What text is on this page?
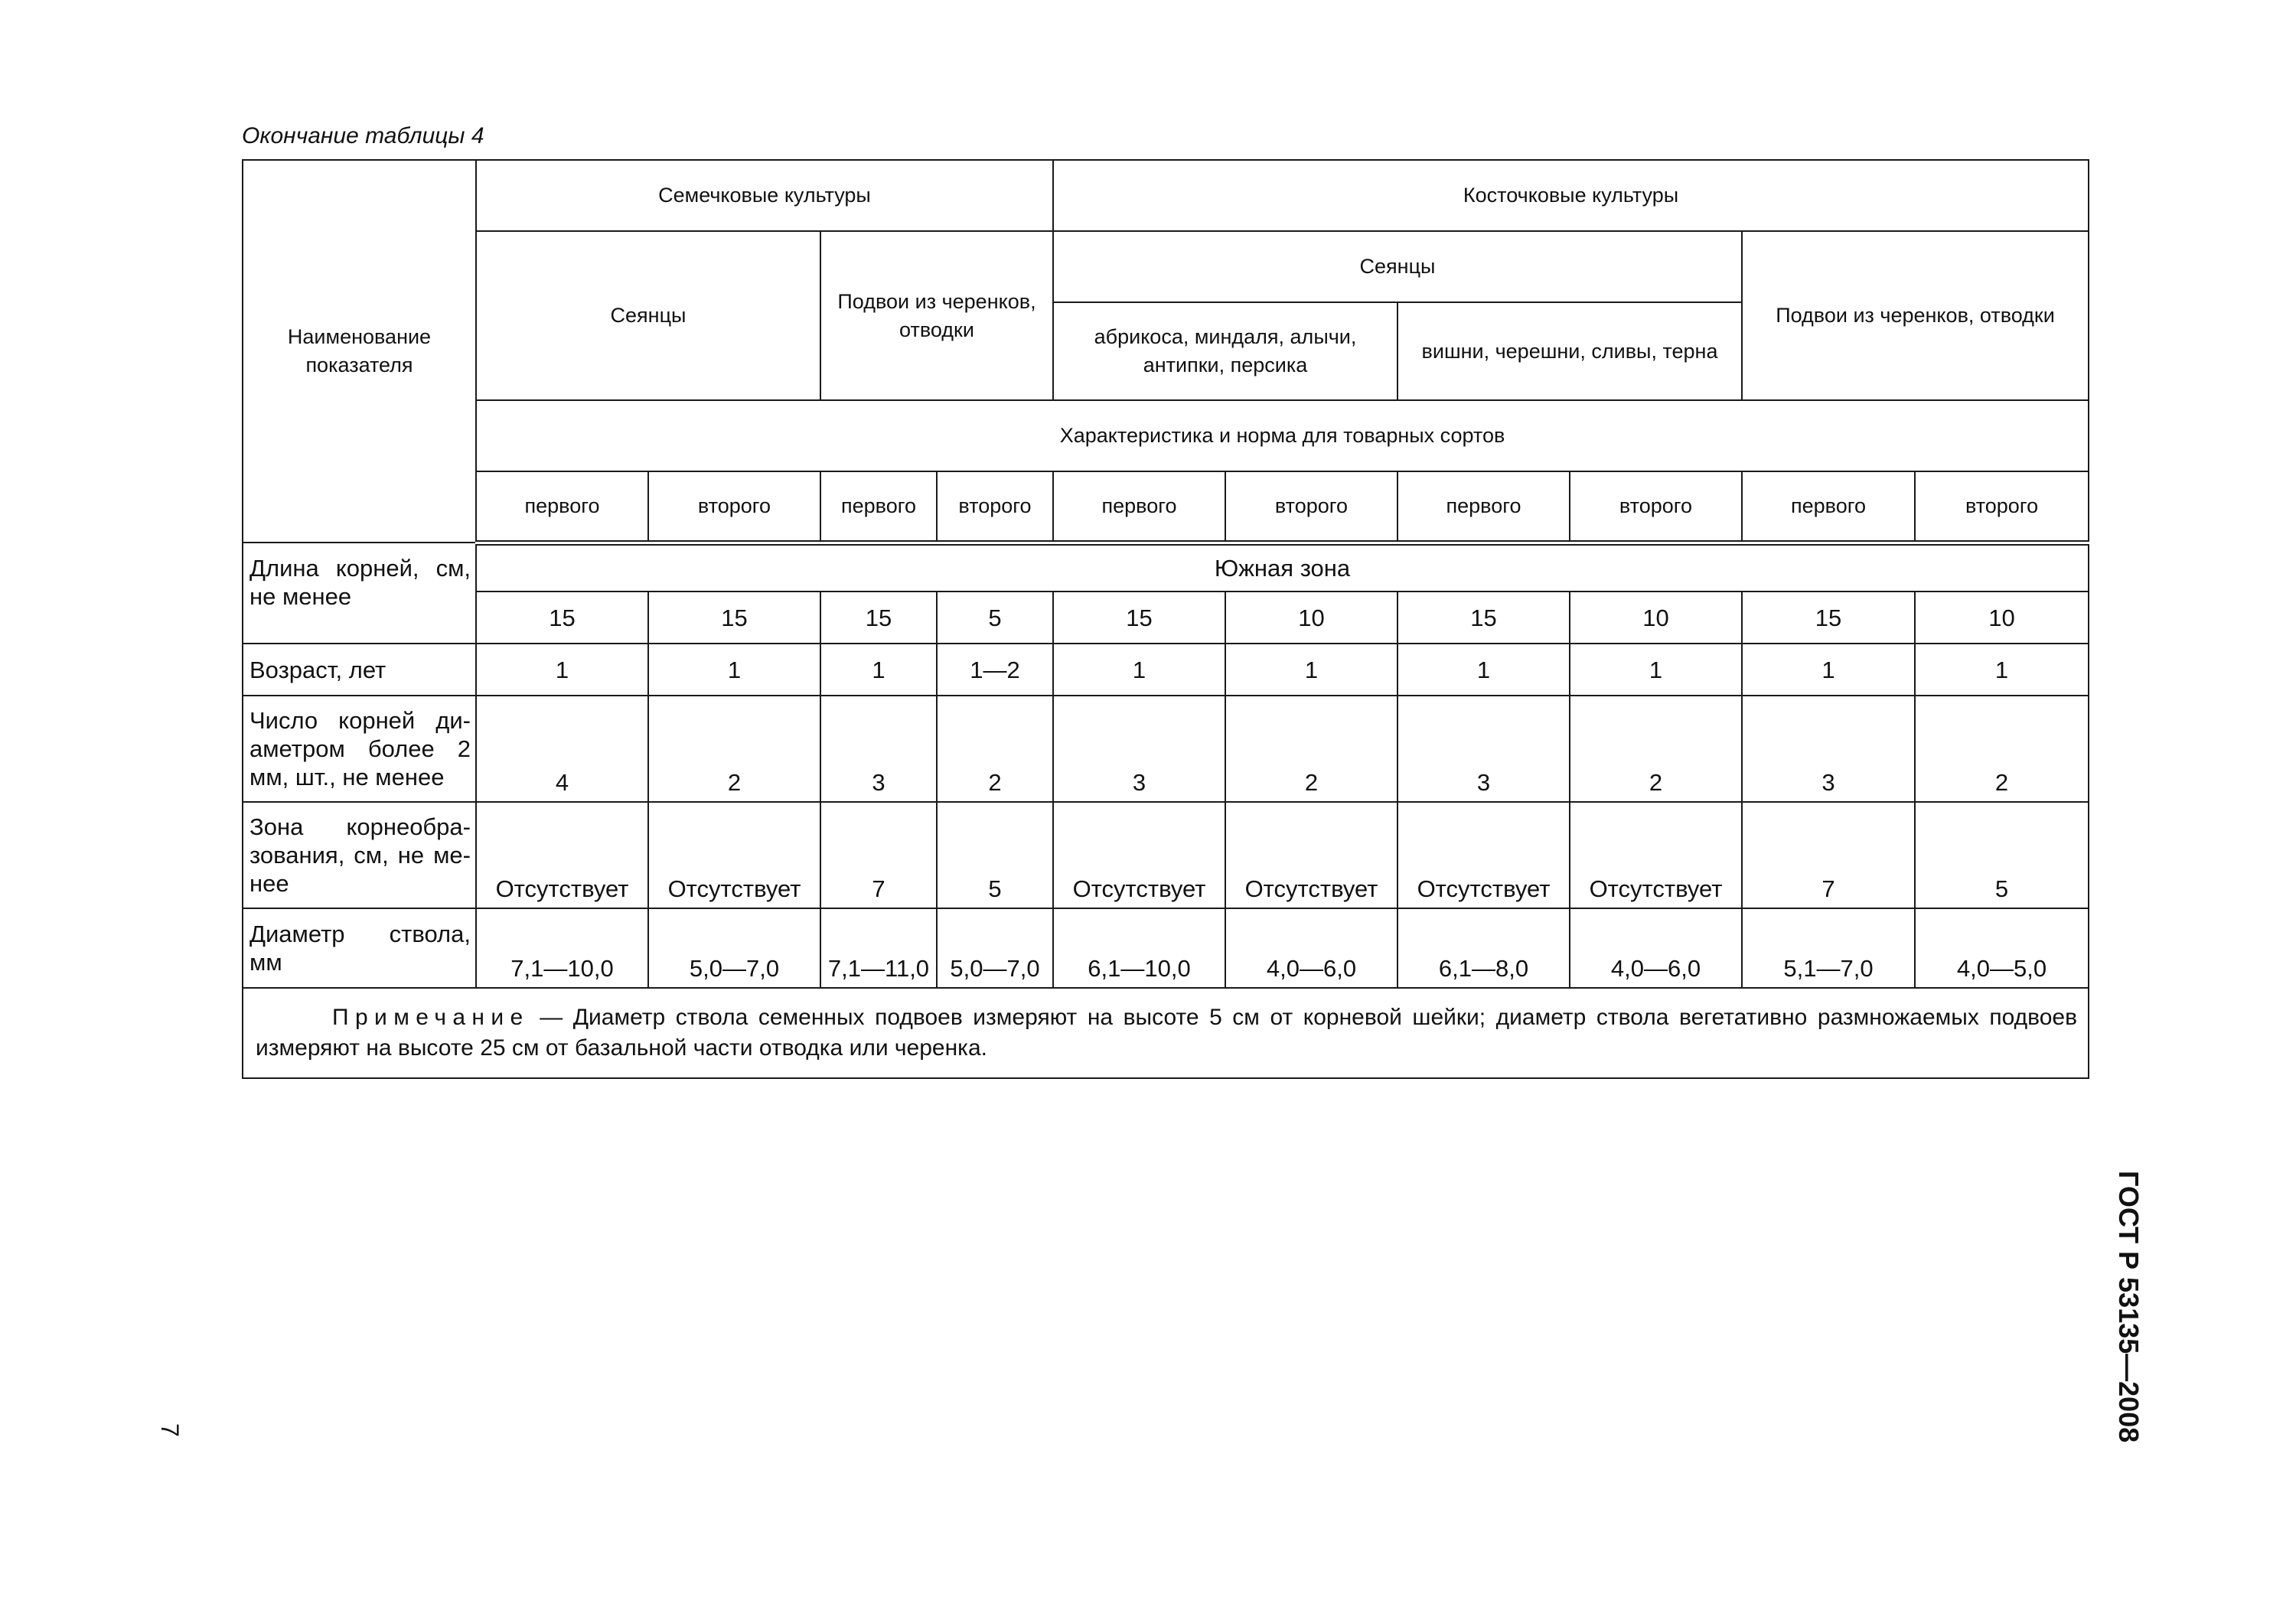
Окончание таблицы 4

Наименование показателя	Семечковые культуры				Косточковые культуры					
	Сеянцы		Подвои из черенков, отводки		Сеянцы				Подвои из черенков, отводки	
					абрикоса, миндаля, алычи, антипки, персика		вишни, черешни, сливы, терна			
	Характеристика и норма для товарных сортов									
	первого	второго	первого	второго	первого	второго	первого	второго	первого	второго
Длина корней, см, не менее	Южная зона									
	15	15	15	5	15	10	15	10	15	10
Возраст, лет	1	1	1	1—2	1	1	1	1	1	1
Число корней ди-аметром более 2 мм, шт., не менее	4	2	3	2	3	2	3	2	3	2
Зона корнеобра-зования, см, не ме-нее	Отсутствует	Отсутствует	7	5	Отсутствует	Отсутствует	Отсутствует	Отсутствует	7	5
Диаметр ствола, мм	7,1—10,0	5,0—7,0	7,1—11,0	5,0—7,0	6,1—10,0	4,0—6,0	6,1—8,0	4,0—6,0	5,1—7,0	4,0—5,0
Примечание — Диаметр ствола семенных подвоев измеряют на высоте 5 см от корневой шейки; диаметр ствола вегетативно размножаемых подвоев измеряют на высоте 25 см от базальной части отводка или черенка.										
7	ГОСТ Р 53135—2008
